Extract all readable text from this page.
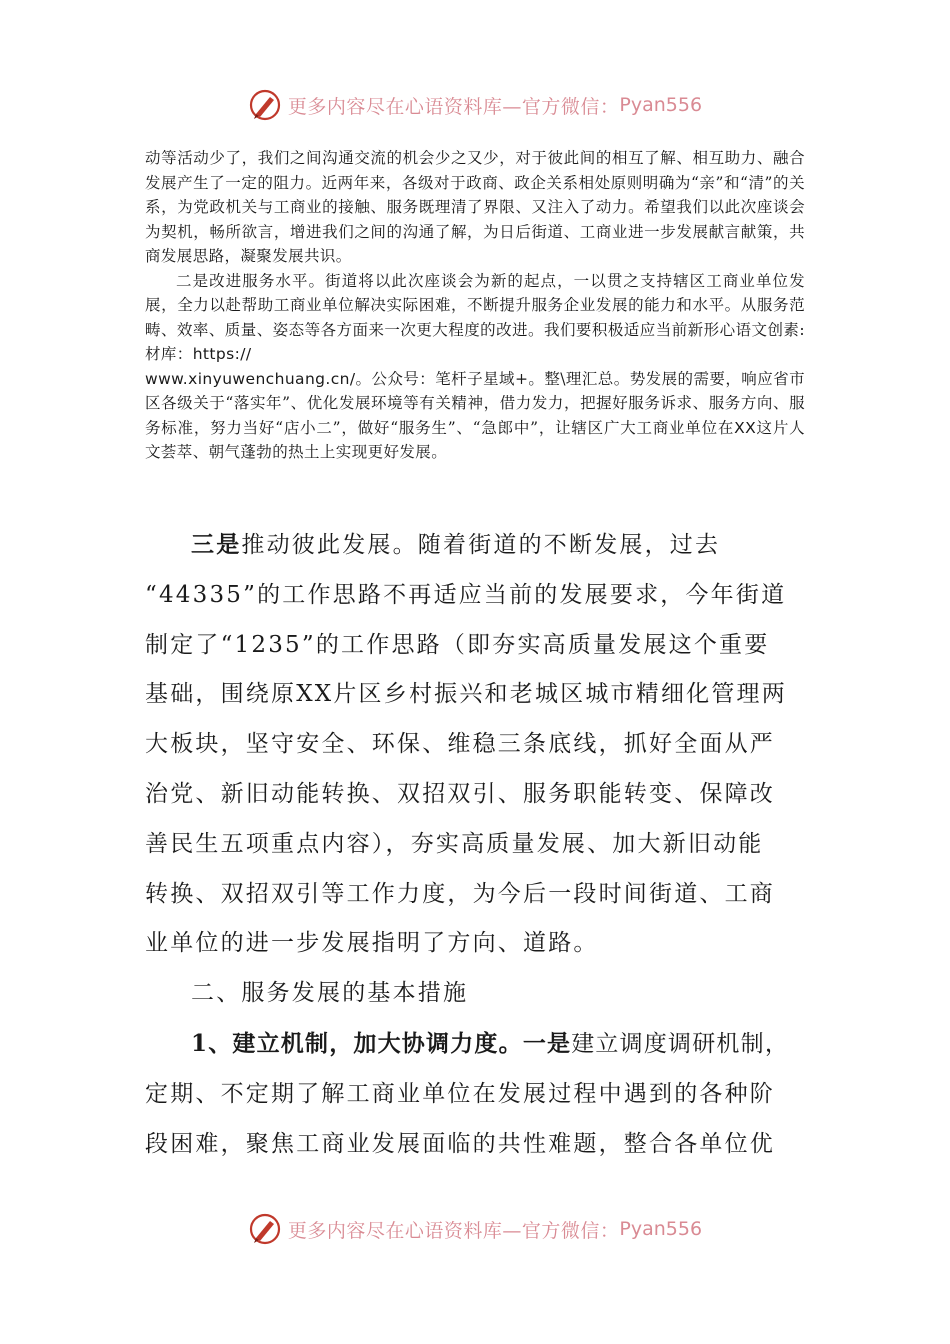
更多内容尽在心语资料库—官方微信： Pyan556

动等活动少了，我们之间沟通交流的机会少之又少，对于彼此间的相互了解、相互助力、融合发展产生了一定的阻力。近两年来，各级对于政商、政企关系相处原则明确为“亲”和“清”的关系，为党政机关与工商业的接触、服务既理清了界限、又注入了动力。希望我们以此次座谈会为契机，畅所欲言，增进我们之间的沟通了解，为日后街道、工商业进一步发展献言献策，共商发展思路，凝聚发展共识。

二是改进服务水平。街道将以此次座谈会为新的起点，一以贯之支持辖区工商业单位发展，全力以赴帮助工商业单位解决实际困难，不断提升服务企业发展的能力和水平。从服务范畴、效率、质量、姿态等各方面来一次更大程度的改进。我们要积极适应当前新形心语文创素:材库：https://
www.xinyuwenchuang.cn/。公众号：笔杆子星域+。整\理汇总。势发展的需要，响应省市区各级关于“落实年”、优化发展环境等有关精神，借力发力，把握好服务诉求、服务方向、服务标准，努力当好“店小二”，做好“服务生”、“急郎中”，让辖区广大工商业单位在XX这片人文荟萃、朝气蓬勃的热土上实现更好发展。

三是推动彼此发展。随着街道的不断发展，过去
“44335”的工作思路不再适应当前的发展要求，今年街道
制定了“1235”的工作思路（即夯实高质量发展这个重要
基础，围绕原XX片区乡村振兴和老城区城市精细化管理两
大板块，坚守安全、环保、维稳三条底线，抓好全面从严
治党、新旧动能转换、双招双引、服务职能转变、保障改
善民生五项重点内容），夯实高质量发展、加大新旧动能
转换、双招双引等工作力度，为今后一段时间街道、工商
业单位的进一步发展指明了方向、道路。

二、服务发展的基本措施

1、建立机制，加大协调力度。一是建立调度调研机制，
定期、不定期了解工商业单位在发展过程中遇到的各种阶
段困难，聚焦工商业发展面临的共性难题，整合各单位优

更多内容尽在心语资料库—官方微信： Pyan556
